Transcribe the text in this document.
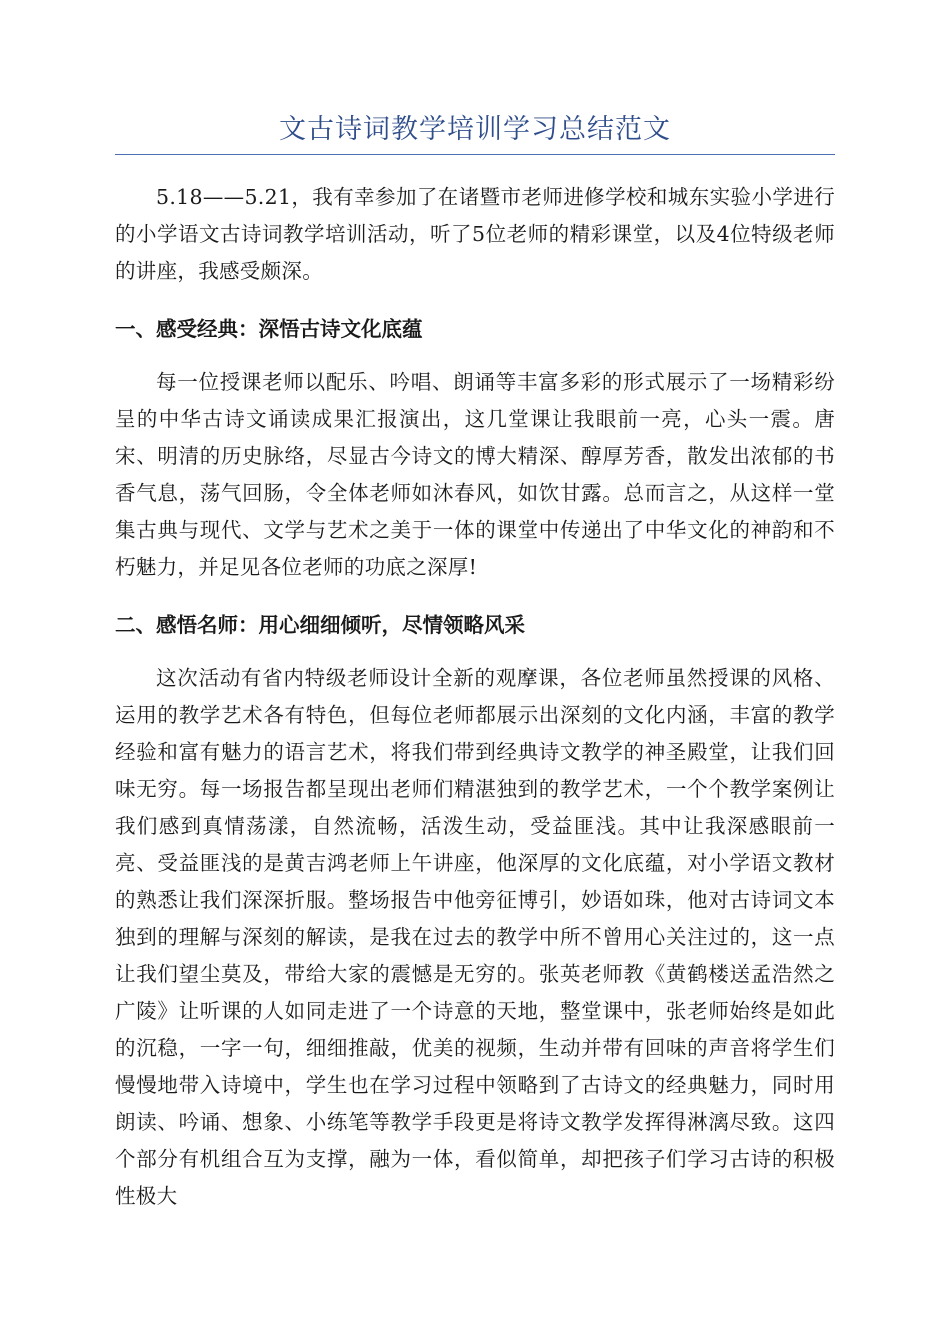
文古诗词教学培训学习总结范文

5.18——5.21，我有幸参加了在诸暨市老师进修学校和城东实验小学进行的小学语文古诗词教学培训活动，听了5位老师的精彩课堂，以及4位特级老师的讲座，我感受颇深。

一、感受经典：深悟古诗文化底蕴

每一位授课老师以配乐、吟唱、朗诵等丰富多彩的形式展示了一场精彩纷呈的中华古诗文诵读成果汇报演出，这几堂课让我眼前一亮，心头一震。唐宋、明清的历史脉络，尽显古今诗文的博大精深、醇厚芳香，散发出浓郁的书香气息，荡气回肠，令全体老师如沐春风，如饮甘露。总而言之，从这样一堂集古典与现代、文学与艺术之美于一体的课堂中传递出了中华文化的神韵和不朽魅力，并足见各位老师的功底之深厚!

二、感悟名师：用心细细倾听，尽情领略风采

这次活动有省内特级老师设计全新的观摩课，各位老师虽然授课的风格、运用的教学艺术各有特色，但每位老师都展示出深刻的文化内涵，丰富的教学经验和富有魅力的语言艺术，将我们带到经典诗文教学的神圣殿堂，让我们回味无穷。每一场报告都呈现出老师们精湛独到的教学艺术，一个个教学案例让我们感到真情荡漾，自然流畅，活泼生动，受益匪浅。其中让我深感眼前一亮、受益匪浅的是黄吉鸿老师上午讲座，他深厚的文化底蕴，对小学语文教材的熟悉让我们深深折服。整场报告中他旁征博引，妙语如珠，他对古诗词文本独到的理解与深刻的解读，是我在过去的教学中所不曾用心关注过的，这一点让我们望尘莫及，带给大家的震憾是无穷的。张英老师教《黄鹤楼送孟浩然之广陵》让听课的人如同走进了一个诗意的天地，整堂课中，张老师始终是如此的沉稳，一字一句，细细推敲，优美的视频，生动并带有回味的声音将学生们慢慢地带入诗境中，学生也在学习过程中领略到了古诗文的经典魅力，同时用朗读、吟诵、想象、小练笔等教学手段更是将诗文教学发挥得淋漓尽致。这四个部分有机组合互为支撑，融为一体，看似简单，却把孩子们学习古诗的积极性极大
